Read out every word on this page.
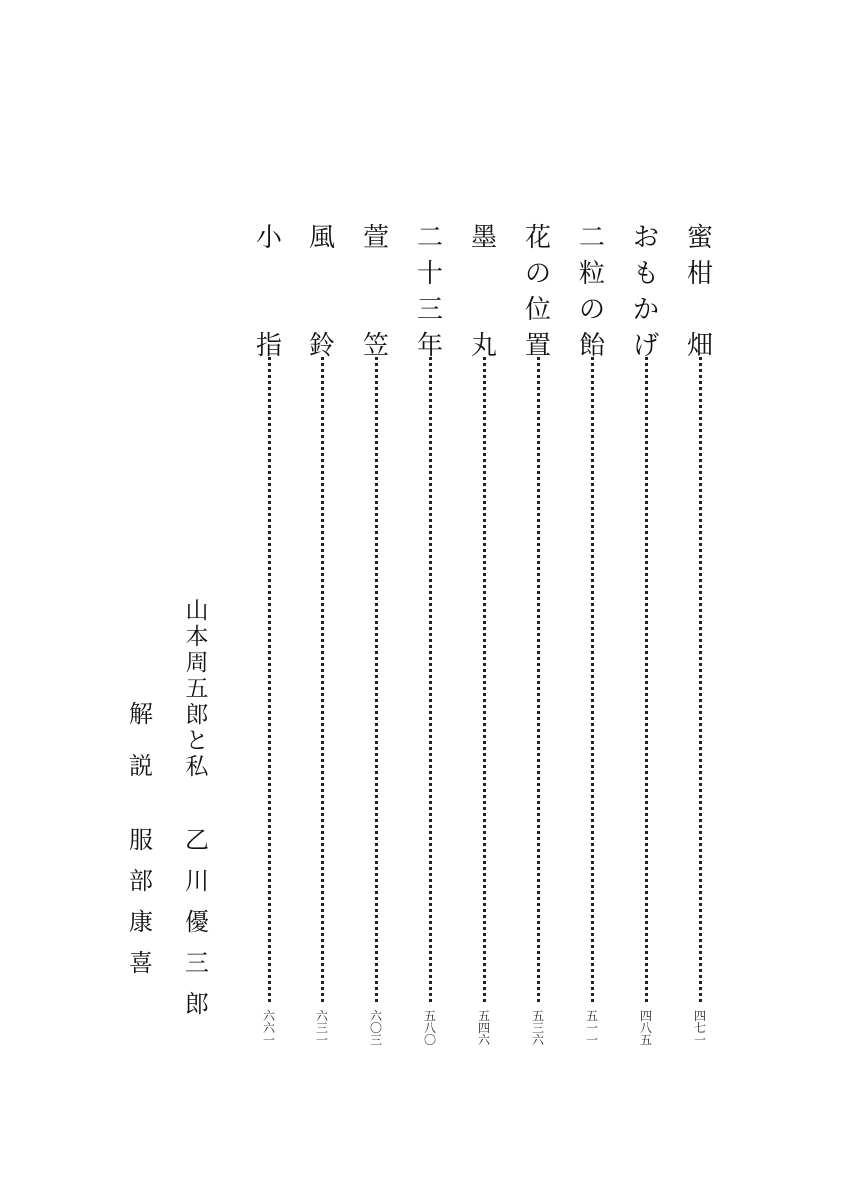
蜜
柑
畑
四
七
一
お
も
か
げ
四
八
五
二
粒
の
飴
五
一
一
花
の
位
置
五
三
六
墨
丸
五
四
六
二
十
三
年
五
八
〇
萱
笠
六
〇
三
風
鈴
六
三
一
小
指
六
六
一
山
本
周
五
郎
と
私
乙
川
優
三
郎
解
説
服
部
康
喜
